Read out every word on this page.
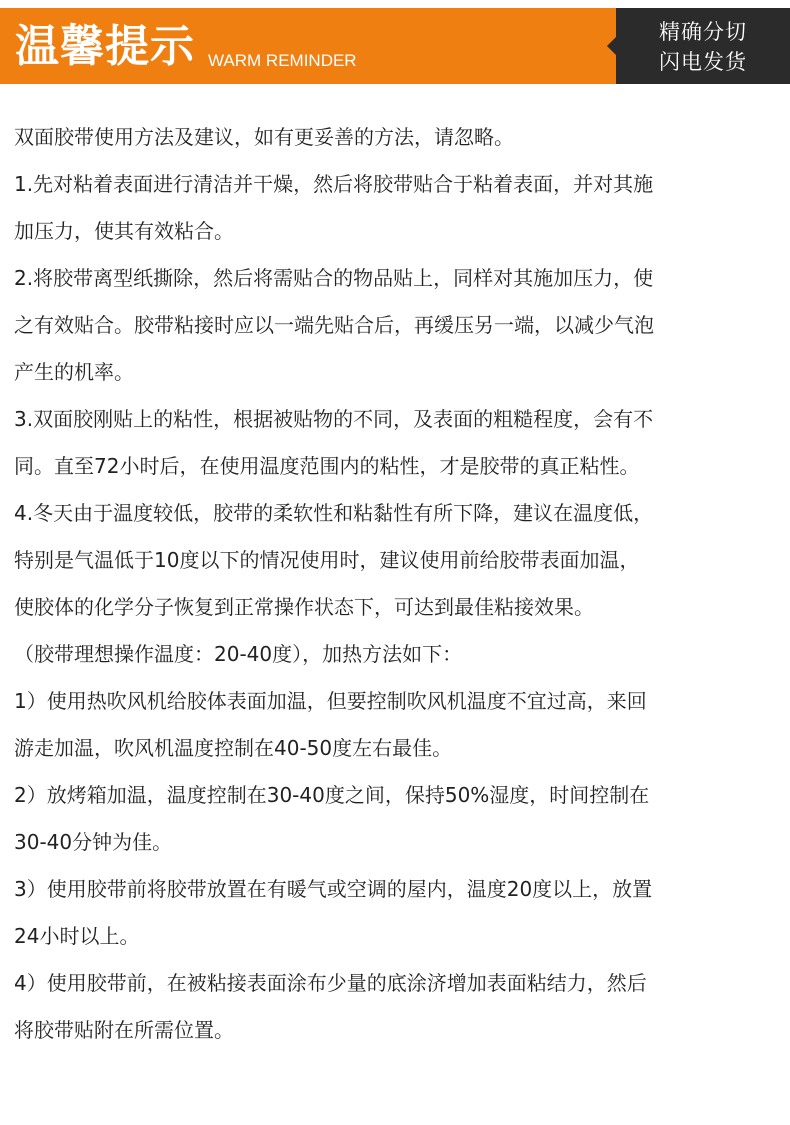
温馨提示 WARM REMINDER
精确分切
闪电发货
双面胶带使用方法及建议，如有更妥善的方法，请忽略。
1.先对粘着表面进行清洁并干燥，然后将胶带贴合于粘着表面，并对其施
加压力，使其有效粘合。
2.将胶带离型纸撕除，然后将需贴合的物品贴上，同样对其施加压力，使
之有效贴合。胶带粘接时应以一端先贴合后，再缓压另一端，以减少气泡
产生的机率。
3.双面胶刚贴上的粘性，根据被贴物的不同，及表面的粗糙程度，会有不
同。直至72小时后，在使用温度范围内的粘性，才是胶带的真正粘性。
4.冬天由于温度较低，胶带的柔软性和粘黏性有所下降，建议在温度低，
特别是气温低于10度以下的情况使用时，建议使用前给胶带表面加温，
使胶体的化学分子恢复到正常操作状态下，可达到最佳粘接效果。
（胶带理想操作温度：20-40度），加热方法如下：
1）使用热吹风机给胶体表面加温，但要控制吹风机温度不宜过高，来回
游走加温，吹风机温度控制在40-50度左右最佳。
2）放烤箱加温，温度控制在30-40度之间，保持50%湿度，时间控制在
30-40分钟为佳。
3）使用胶带前将胶带放置在有暖气或空调的屋内，温度20度以上，放置
24小时以上。
4）使用胶带前，在被粘接表面涂布少量的底涂济增加表面粘结力，然后
将胶带贴附在所需位置。
